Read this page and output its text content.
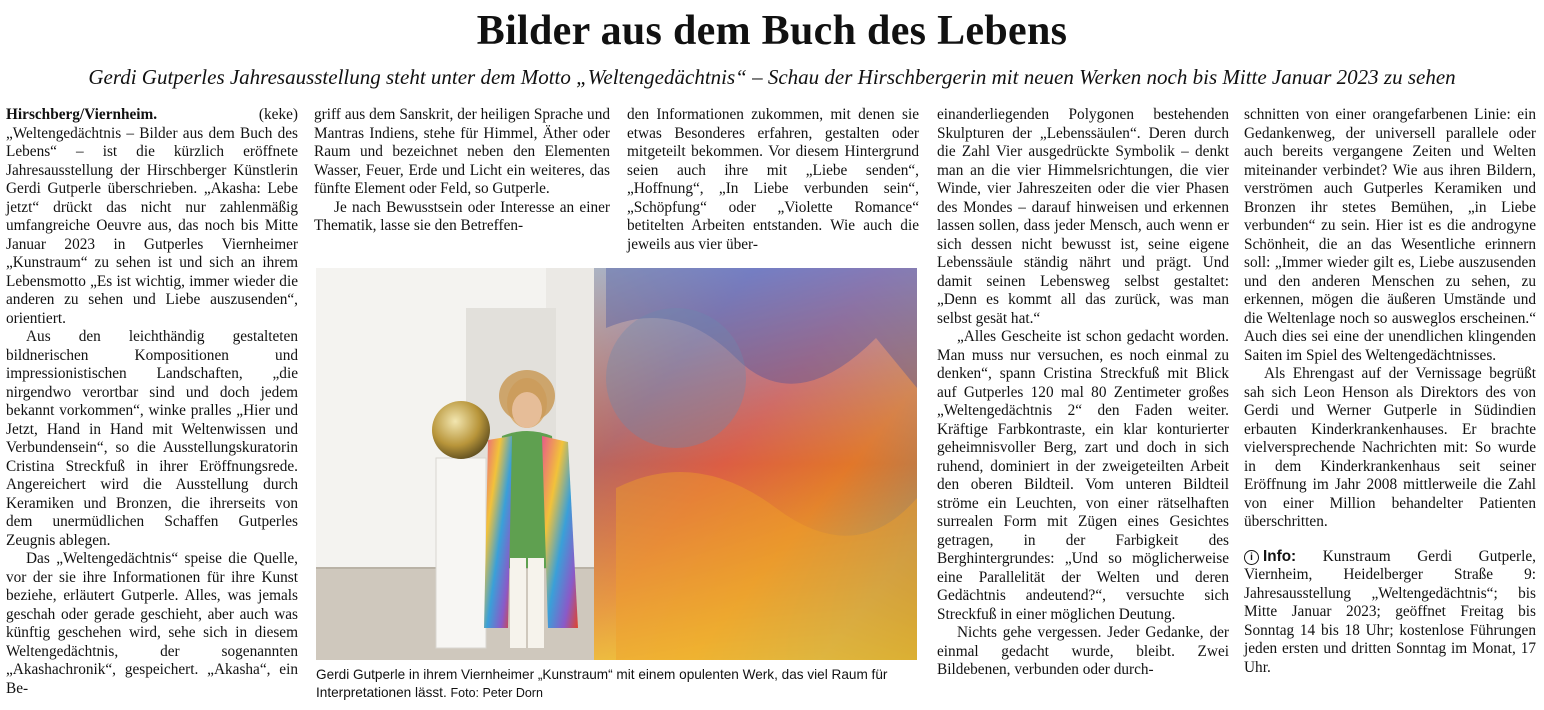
Bilder aus dem Buch des Lebens
Gerdi Gutperles Jahresausstellung steht unter dem Motto „Weltengedächtnis“ – Schau der Hirschbergerin mit neuen Werken noch bis Mitte Januar 2023 zu sehen

Hirschberg/Viernheim.	(keke) „Weltengedächtnis – Bilder aus dem Buch des Lebens“ – ist die kürzlich eröffnete Jahresausstellung der Hirschberger Künstlerin Gerdi Gutperle überschrieben. „Akasha: Lebe jetzt“ drückt das nicht nur zahlenmäßig umfangreiche Oeuvre aus, das noch bis Mitte Januar 2023 in Gutperles Viernheimer „Kunstraum“ zu sehen ist und sich an ihrem Lebensmotto „Es ist wichtig, immer wieder die anderen zu sehen und Liebe auszusenden“, orientiert.

Aus den leichthändig gestalteten bildnerischen Kompositionen und impressionistischen Landschaften, „die nirgendwo verortbar sind und doch jedem bekannt vorkommen“, winke pralles „Hier und Jetzt, Hand in Hand mit Weltenwissen und Verbundensein“, so die Ausstellungskuratorin Cristina Streckfuß in ihrer Eröffnungsrede. Angereichert wird die Ausstellung durch Keramiken und Bronzen, die ihrerseits von dem unermüdlichen Schaffen Gutperles Zeugnis ablegen.

Das „Weltengedächtnis“ speise die Quelle, vor der sie ihre Informationen für ihre Kunst beziehe, erläutert Gutperle. Alles, was jemals geschah oder gerade geschieht, aber auch was künftig geschehen wird, sehe sich in diesem Weltengedächtnis, der sogenannten „Akashachronik“, gespeichert. „Akasha“, ein Be-

griff aus dem Sanskrit, der heiligen Sprache und Mantras Indiens, stehe für Himmel, Äther oder Raum und bezeichnet neben den Elementen Wasser, Feuer, Erde und Licht ein weiteres, das fünfte Element oder Feld, so Gutperle.

Je nach Bewusstsein oder Interesse an einer Thematik, lasse sie den Betreffen-

den Informationen zukommen, mit denen sie etwas Besonderes erfahren, gestalten oder mitgeteilt bekommen. Vor diesem Hintergrund seien auch ihre mit „Liebe senden“, „Hoffnung“, „In Liebe verbunden sein“, „Schöpfung“ oder „Violette Romance“ betitelten Arbeiten entstanden. Wie auch die jeweils aus vier über-

einanderliegenden Polygonen bestehenden Skulpturen der „Lebenssäulen“. Deren durch die Zahl Vier ausgedrückte Symbolik – denkt man an die vier Himmelsrichtungen, die vier Winde, vier Jahreszeiten oder die vier Phasen des Mondes – darauf hinweisen und erkennen lassen sollen, dass jeder Mensch, auch wenn er sich dessen nicht bewusst ist, seine eigene Lebenssäule ständig nährt und prägt. Und damit seinen Lebensweg selbst gestaltet: „Denn es kommt all das zurück, was man selbst gesät hat.“

„Alles Gescheite ist schon gedacht worden. Man muss nur versuchen, es noch einmal zu denken“, spann Cristina Streckfuß mit Blick auf Gutperles 120 mal 80 Zentimeter großes „Weltengedächtnis 2“ den Faden weiter. Kräftige Farbkontraste, ein klar konturierter geheimnisvoller Berg, zart und doch in sich ruhend, dominiert in der zweigeteilten Arbeit den oberen Bildteil. Vom unteren Bildteil ströme ein Leuchten, von einer rätselhaften surrealen Form mit Zügen eines Gesichtes getragen, in der Farbigkeit des Berghintergrundes: „Und so möglicherweise eine Parallelität der Welten und deren Gedächtnis andeutend?“, versuchte sich Streckfuß in einer möglichen Deutung.

Nichts gehe vergessen. Jeder Gedanke, der einmal gedacht wurde, bleibt. Zwei Bildebenen, verbunden oder durch-

schnitten von einer orangefarbenen Linie: ein Gedankenweg, der universell parallele oder auch bereits vergangene Zeiten und Welten miteinander verbindet? Wie aus ihren Bildern, verströmen auch Gutperles Keramiken und Bronzen ihr stetes Bemühen, „in Liebe verbunden“ zu sein. Hier ist es die androgyne Schönheit, die an das Wesentliche erinnern soll: „Immer wieder gilt es, Liebe auszusenden und den anderen Menschen zu sehen, zu erkennen, mögen die äußeren Umstände und die Weltenlage noch so ausweglos erscheinen.“ Auch dies sei eine der unendlichen klingenden Saiten im Spiel des Weltengedächtnisses.

Als Ehrengast auf der Vernissage begrüßt sah sich Leon Henson als Direktors des von Gerdi und Werner Gutperle in Südindien erbauten Kinderkrankenhauses. Er brachte vielversprechende Nachrichten mit: So wurde in dem Kinderkrankenhaus seit seiner Eröffnung im Jahr 2008 mittlerweile die Zahl von einer Million behandelter Patienten überschritten.

i Info: Kunstraum Gerdi Gutperle, Viernheim, Heidelberger Straße 9: Jahresausstellung „Weltengedächtnis“; bis Mitte Januar 2023; geöffnet Freitag bis Sonntag 14 bis 18 Uhr; kostenlose Führungen jeden ersten und dritten Sonntag im Monat, 17 Uhr.

Gerdi Gutperle in ihrem Viernheimer „Kunstraum“ mit einem opulenten Werk, das viel Raum für Interpretationen lässt. Foto: Peter Dorn
